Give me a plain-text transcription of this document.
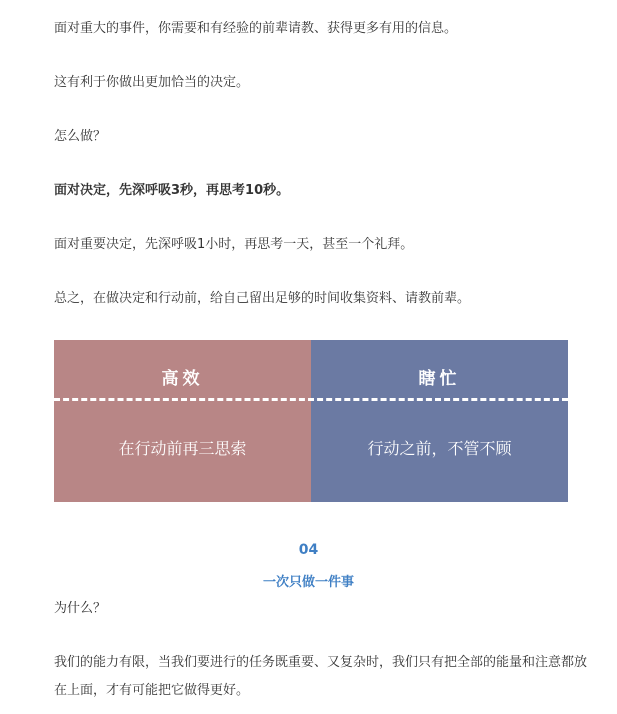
面对重大的事件，你需要和有经验的前辈请教、获得更多有用的信息。

这有利于你做出更加恰当的决定。

怎么做？

面对决定，先深呼吸3秒，再思考10秒。

面对重要决定，先深呼吸1小时，再思考一天，甚至一个礼拜。

总之，在做决定和行动前，给自己留出足够的时间收集资料、请教前辈。

高效
在行动前再三思索
瞎忙
行动之前，不管不顾
04
一次只做一件事

为什么？

我们的能力有限，当我们要进行的任务既重要、又复杂时，我们只有把全部的能量和注意都放在上面，才有可能把它做得更好。
